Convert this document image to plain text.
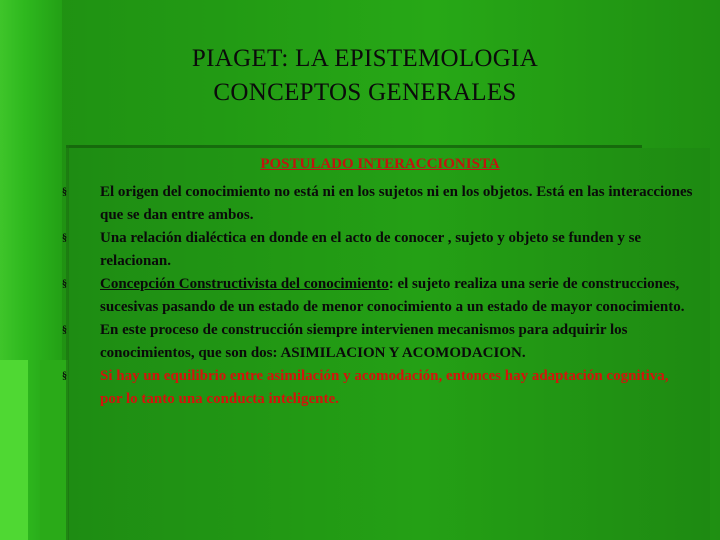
PIAGET: LA EPISTEMOLOGIA
CONCEPTOS GENERALES
POSTULADO INTERACCIONISTA
§	El origen del conocimiento no está ni en los sujetos ni en los objetos. Está en las interacciones que se dan entre ambos.
§	Una relación dialéctica en donde en el acto de conocer , sujeto y objeto se funden y se relacionan.
§	Concepción Constructivista del conocimiento: el sujeto realiza una serie de construcciones, sucesivas pasando de un estado de menor conocimiento a un estado de mayor conocimiento.
§	En este proceso de construcción siempre intervienen mecanismos para adquirir los conocimientos, que son dos: ASIMILACION Y ACOMODACION.
§	Si hay un equilibrio entre asimilación y acomodación, entonces hay adaptación cognitiva, por lo tanto una conducta inteligente.
